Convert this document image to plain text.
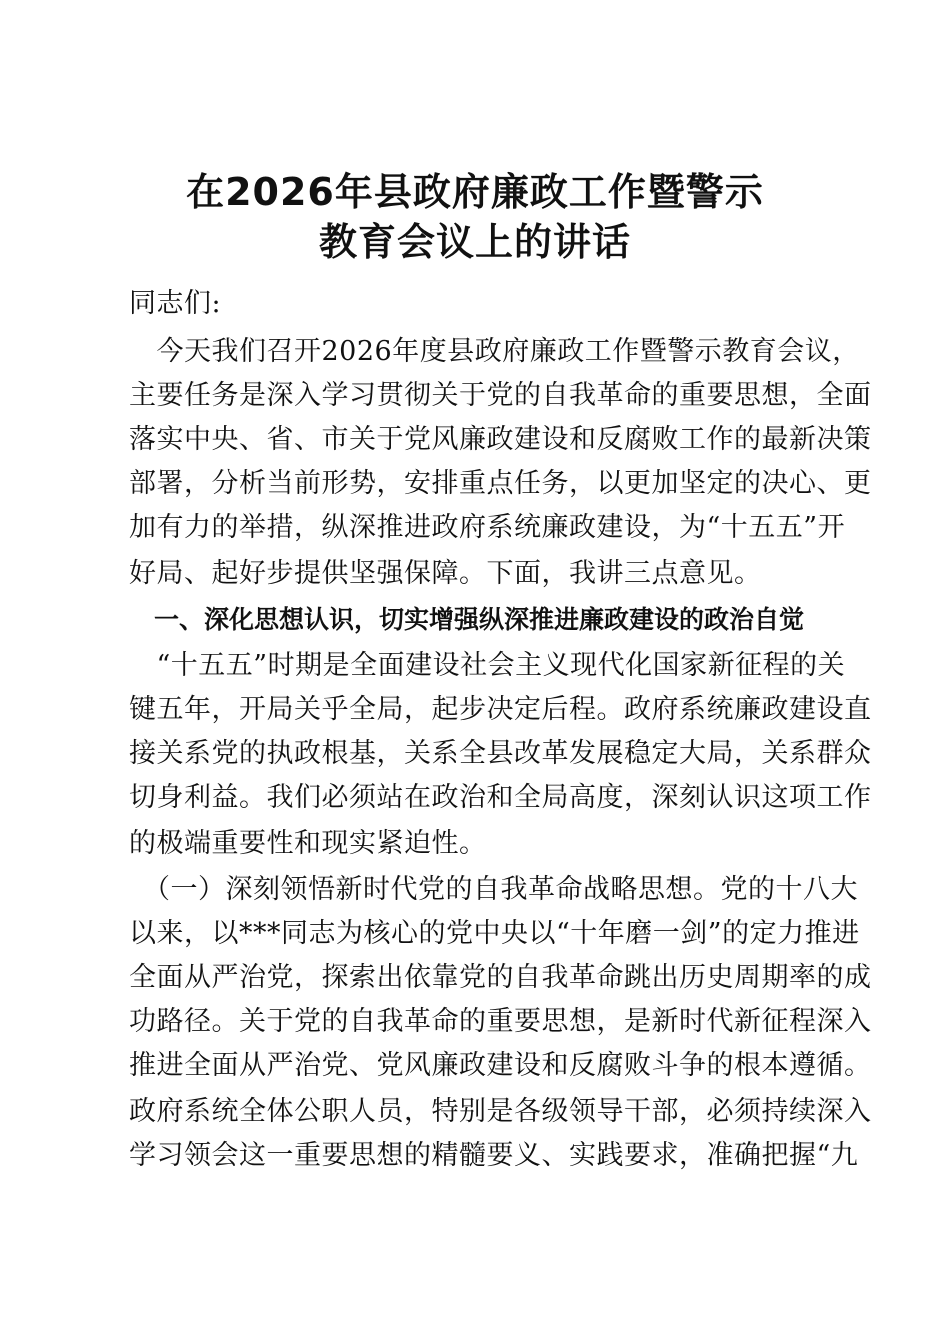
在2026年县政府廉政工作暨警示
教育会议上的讲话
同志们:
　今天我们召开2026年度县政府廉政工作暨警示教育会议，
主要任务是深入学习贯彻关于党的自我革命的重要思想，全面
落实中央、省、市关于党风廉政建设和反腐败工作的最新决策
部署，分析当前形势，安排重点任务，以更加坚定的决心、更
加有力的举措，纵深推进政府系统廉政建设，为“十五五”开
好局、起好步提供坚强保障。下面，我讲三点意见。
　一、深化思想认识，切实增强纵深推进廉政建设的政治自觉
　“十五五”时期是全面建设社会主义现代化国家新征程的关
键五年，开局关乎全局，起步决定后程。政府系统廉政建设直
接关系党的执政根基，关系全县改革发展稳定大局，关系群众
切身利益。我们必须站在政治和全局高度，深刻认识这项工作
的极端重要性和现实紧迫性。
　（一）深刻领悟新时代党的自我革命战略思想。党的十八大
以来，以***同志为核心的党中央以“十年磨一剑”的定力推进
全面从严治党，探索出依靠党的自我革命跳出历史周期率的成
功路径。关于党的自我革命的重要思想，是新时代新征程深入
推进全面从严治党、党风廉政建设和反腐败斗争的根本遵循。
政府系统全体公职人员，特别是各级领导干部，必须持续深入
学习领会这一重要思想的精髓要义、实践要求，准确把握“九
